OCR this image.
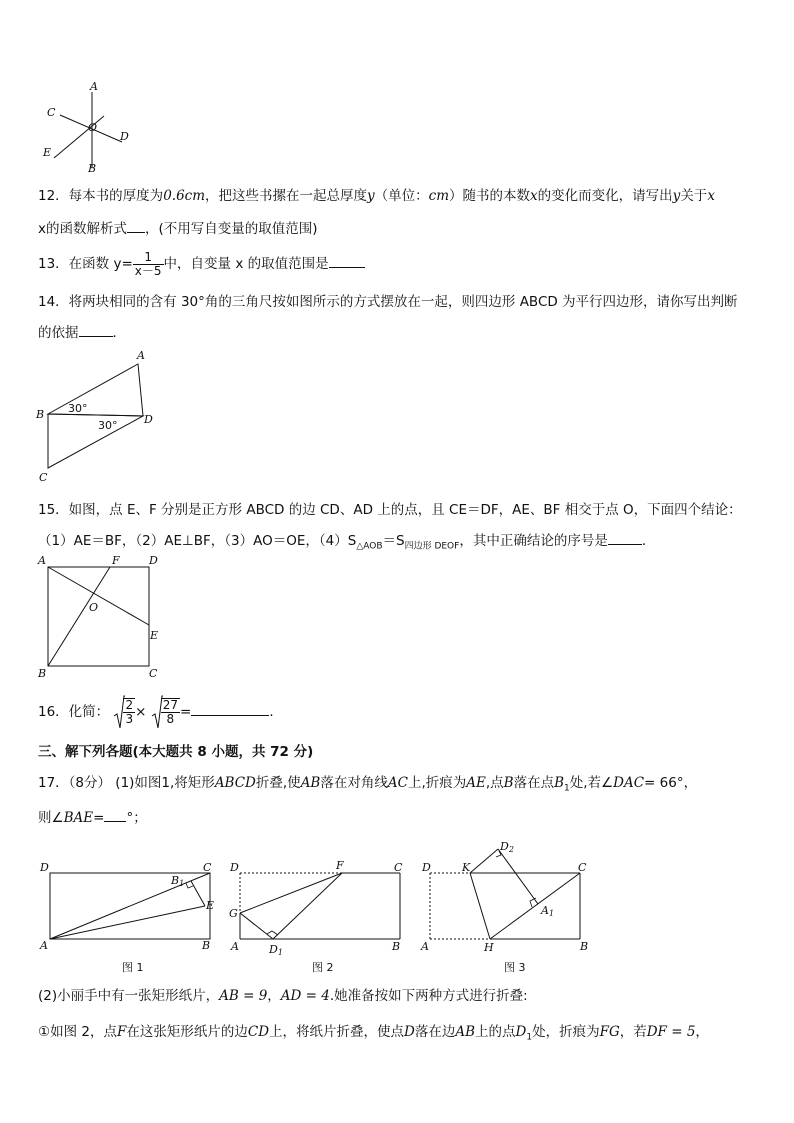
A
B
C
D
E
O
12．每本书的厚度为0.6cm，把这些书摞在一起总厚度y（单位：cm）随书的本数x的变化而变化，请写出y关于x
x的函数解析式 ，(不用写自变量的取值范围)
13．在函数 $y= \frac{1}{x-5}$ 中，自变量 x 的取值范围是
14．将两块相同的含有 30°角的三角尺按如图所示的方式摆放在一起，则四边形 ABCD 为平行四边形，请你写出判断
的依据	．
A
B
C
D
30°
30°
15．如图，点 E、F 分别是正方形 ABCD 的边 CD、AD 上的点，且 CE＝DF，AE、BF 相交于点 O，下面四个结论：
（1）AE＝BF，（2）AE⊥BF，（3）AO＝OE，$(4)S_{\triangle AOB}=S_{四边形 DEOF}$，其中正确结论的序号是	．
A	F	D
O
E
B	C
16．化简： $\frac{2}{3} \times \frac{27}{8}$ =	．
三、解下列各题(本大题共 8 小题，共 72 分)
17．（8分） (1)如图1,将矩形ABCD折叠,使AB落在对角线AC上,折痕为AE,点B落在点$B_1$处,若∠DAC= 66°，
则∠BAE= °；
D	C
B1
E
A	B
图 1
D	F	C
G
A	D1	B
图 2
D	K
D2
C
A1
A	H	B
图 3
(2)小丽手中有一张矩形纸片，AB = 9，AD = 4.她准备按如下两种方式进行折叠:
①如图 2，点F在这张矩形纸片的边CD上，将纸片折叠，使点D落在边AB上的点$D_1$处，折痕为FG，若DF = 5，
